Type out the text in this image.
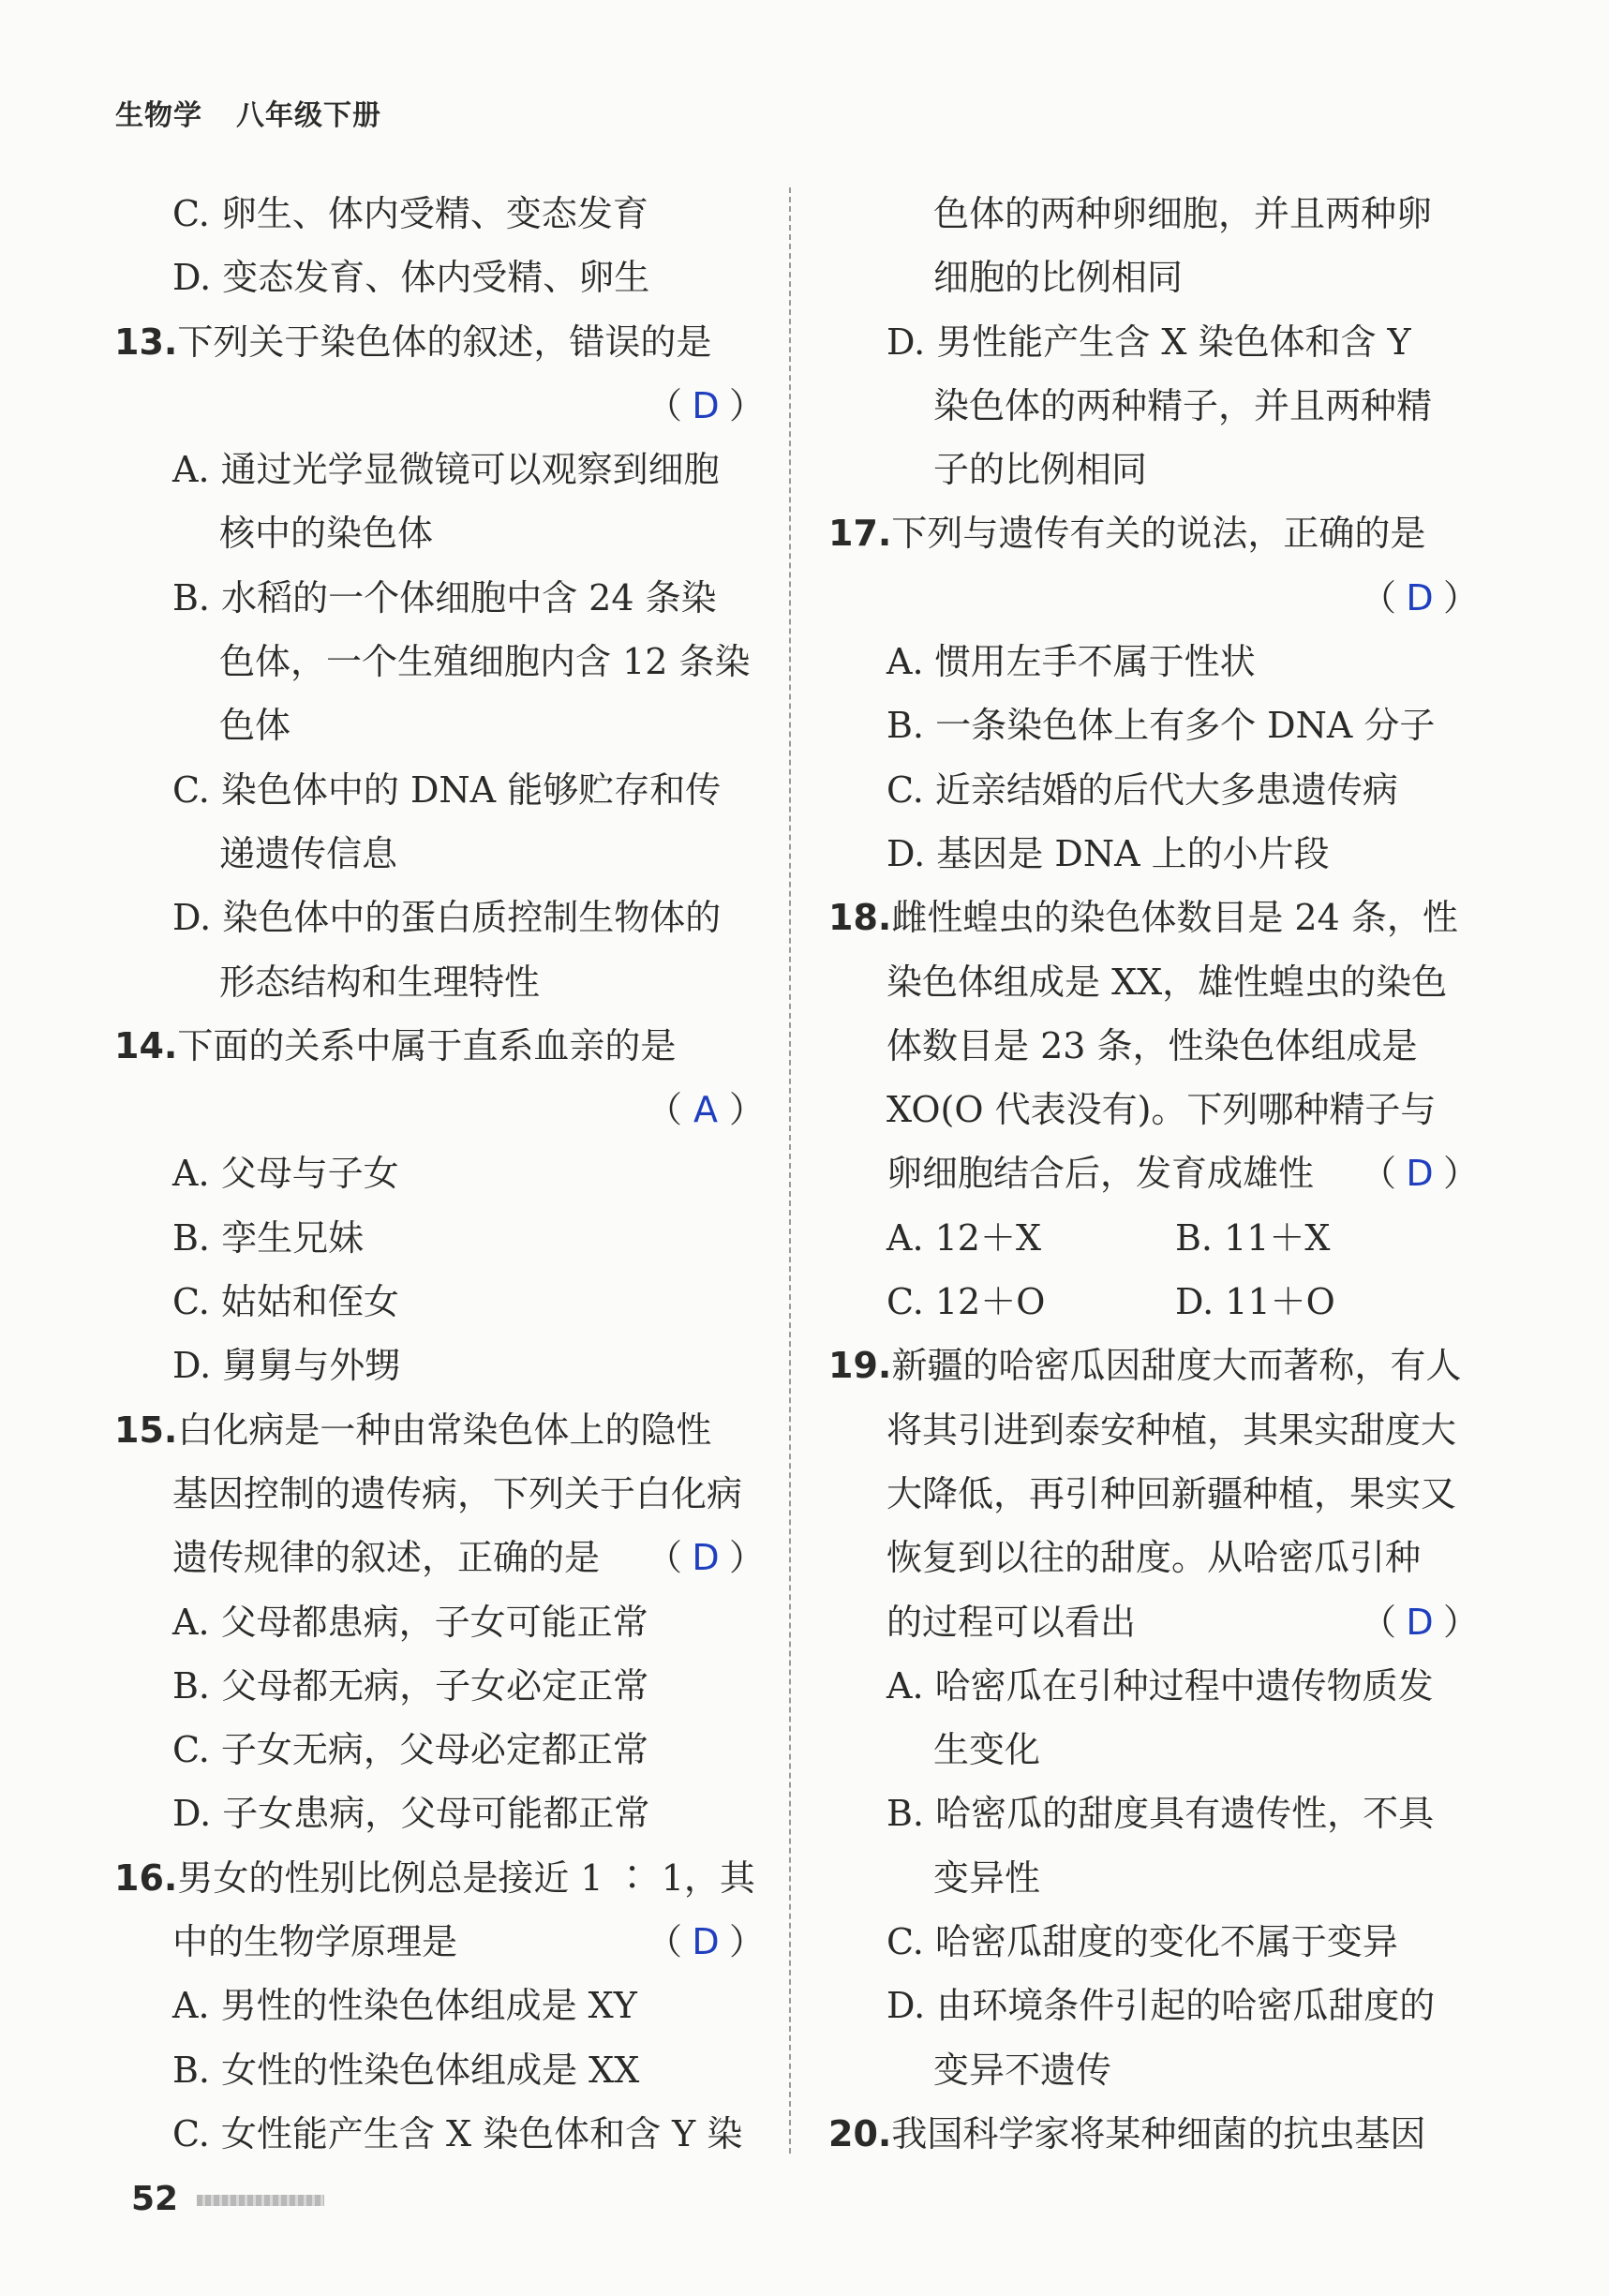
生物学 八年级下册
C. 卵生、体内受精、变态发育
D. 变态发育、体内受精、卵生
13.下列关于染色体的叙述，错误的是
（ D ）
A. 通过光学显微镜可以观察到细胞
核中的染色体
B. 水稻的一个体细胞中含 24 条染
色体，一个生殖细胞内含 12 条染
色体
C. 染色体中的 DNA 能够贮存和传
递遗传信息
D. 染色体中的蛋白质控制生物体的
形态结构和生理特性
14.下面的关系中属于直系血亲的是
（ A ）
A. 父母与子女
B. 孪生兄妹
C. 姑姑和侄女
D. 舅舅与外甥
15.白化病是一种由常染色体上的隐性
基因控制的遗传病，下列关于白化病
遗传规律的叙述，正确的是 （ D ）
A. 父母都患病，子女可能正常
B. 父母都无病，子女必定正常
C. 子女无病，父母必定都正常
D. 子女患病，父母可能都正常
16.男女的性别比例总是接近 1 ∶ 1，其
中的生物学原理是	（ D ）
A. 男性的性染色体组成是 XY
B. 女性的性染色体组成是 XX
C. 女性能产生含 X 染色体和含 Y 染
色体的两种卵细胞，并且两种卵
细胞的比例相同
D. 男性能产生含 X 染色体和含 Y
染色体的两种精子，并且两种精
子的比例相同
17.下列与遗传有关的说法，正确的是
（ D ）
A. 惯用左手不属于性状
B. 一条染色体上有多个 DNA 分子
C. 近亲结婚的后代大多患遗传病
D. 基因是 DNA 上的小片段
18.雌性蝗虫的染色体数目是 24 条，性
染色体组成是 XX，雄性蝗虫的染色
体数目是 23 条，性染色体组成是
XO(O 代表没有)。下列哪种精子与
卵细胞结合后，发育成雄性 （ D ）
A. 12＋X	B. 11＋X
C. 12＋O	D. 11＋O
19.新疆的哈密瓜因甜度大而著称，有人
将其引进到泰安种植，其果实甜度大
大降低，再引种回新疆种植，果实又
恢复到以往的甜度。从哈密瓜引种
的过程可以看出	（ D ）
A. 哈密瓜在引种过程中遗传物质发
生变化
B. 哈密瓜的甜度具有遗传性，不具
变异性
C. 哈密瓜甜度的变化不属于变异
D. 由环境条件引起的哈密瓜甜度的
变异不遗传
20.我国科学家将某种细菌的抗虫基因
52
